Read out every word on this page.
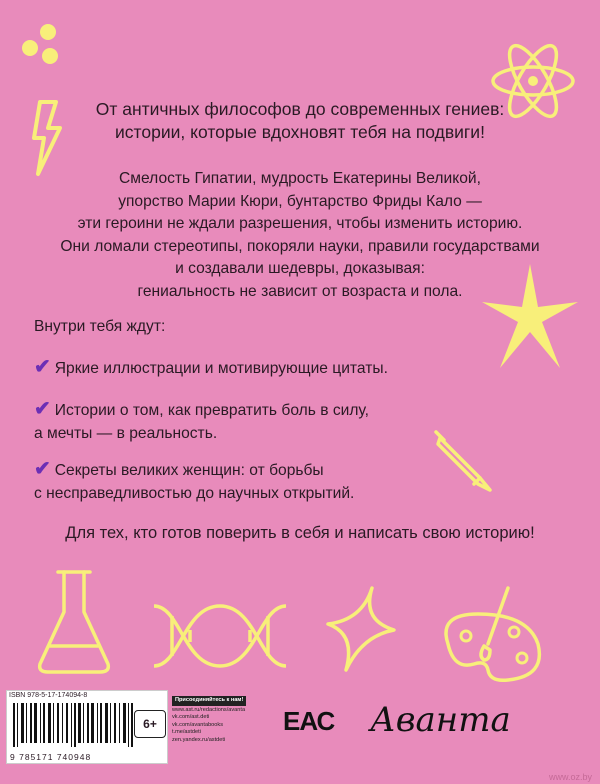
От античных философов до современных гениев:
истории, которые вдохновят тебя на подвиги!
Смелость Гипатии, мудрость Екатерины Великой,
упорство Марии Кюри, бунтарство Фриды Кало —
эти героини не ждали разрешения, чтобы изменить историю.
Они ломали стереотипы, покоряли науки, правили государствами
и создавали шедевры, доказывая:
гениальность не зависит от возраста и пола.
Внутри тебя ждут:
✔ Яркие иллюстрации и мотивирующие цитаты.
✔ Истории о том, как превратить боль в силу,
а мечты — в реальность.
✔ Секреты великих женщин: от борьбы
с несправедливостью до научных открытий.
Для тех, кто готов поверить в себя и написать свою историю!
ISBN 978-5-17-174094-8
9 785171 740948
6+
Присоединяйтесь к нам!
www.ast.ru/redactions/avanta
vk.com/ast.deti
vk.com/avantabooks
t.me/astdeti
zen.yandex.ru/astdeti
ЕАС Аванта
www.oz.by
